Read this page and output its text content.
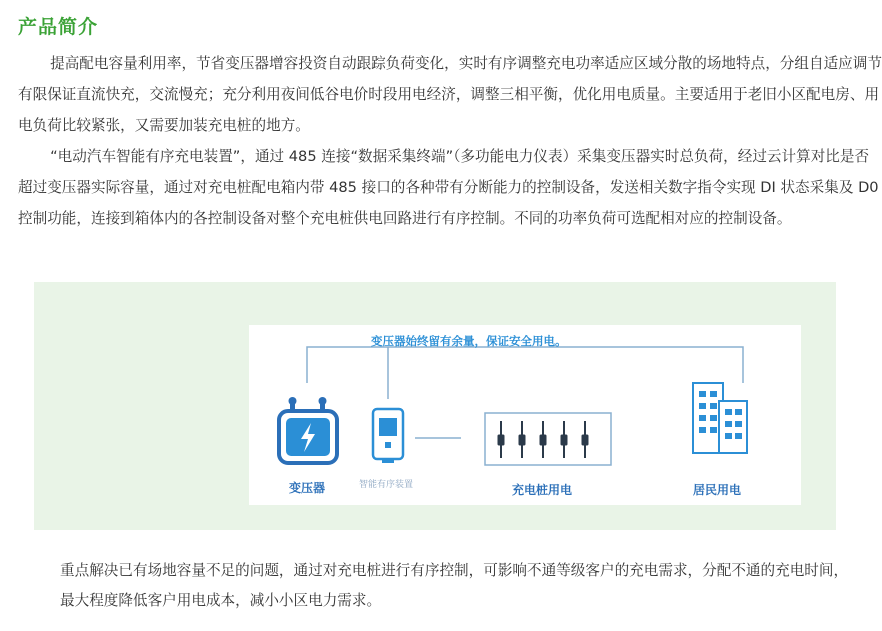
产品简介

提高配电容量利用率，节省变压器增容投资自动跟踪负荷变化，实时有序调整充电功率适应区域分散的场地特点，分组自适应调节有限保证直流快充，交流慢充；充分利用夜间低谷电价时段用电经济，调整三相平衡，优化用电质量。主要适用于老旧小区配电房、用电负荷比较紧张，又需要加装充电桩的地方。

“电动汽车智能有序充电装置”，通过 485 连接“数据采集终端”（多功能电力仪表）采集变压器实时总负荷，经过云计算对比是否超过变压器实际容量，通过对充电桩配电箱内带 485 接口的各种带有分断能力的控制设备，发送相关数字指令实现 DI 状态采集及 D0 控制功能，连接到箱体内的各控制设备对整个充电桩供电回路进行有序控制。不同的功率负荷可选配相对应的控制设备。

变压器始终留有余量，保证安全用电。
变压器	智能有序装置	充电桩用电	居民用电

重点解决已有场地容量不足的问题，通过对充电桩进行有序控制，可影响不通等级客户的充电需求，分配不通的充电时间，最大程度降低客户用电成本，减小小区电力需求。
